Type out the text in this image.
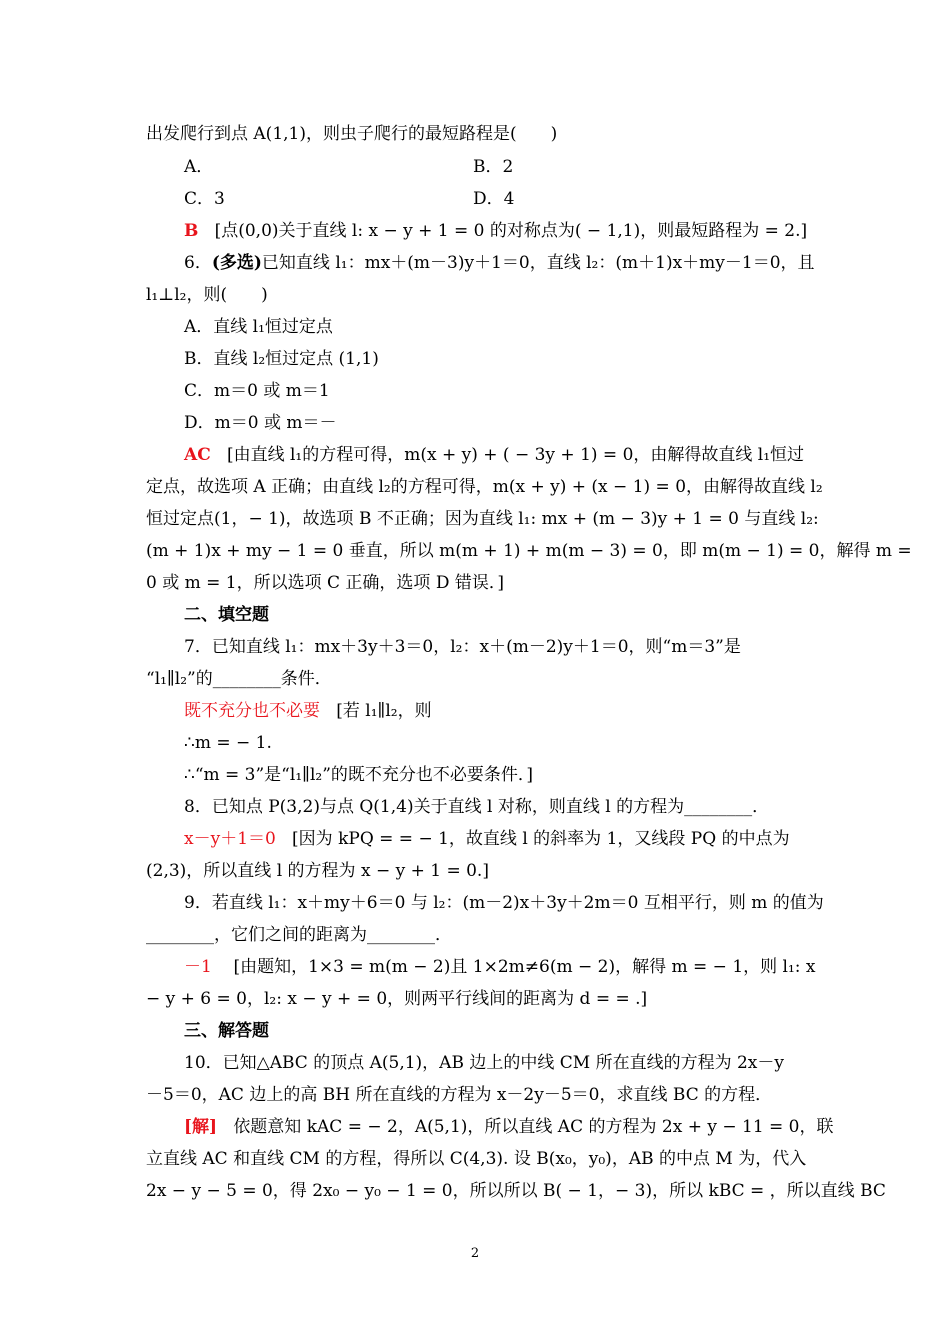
出发爬行到点 A(1,1)，则虫子爬行的最短路程是(　　)
A．	B．2
C．3	D．4
B [点(0,0)关于直线 l: x − y + 1 = 0 的对称点为( − 1,1)，则最短路程为 = 2.]
6．(多选)已知直线 l₁：mx＋(m－3)y＋1＝0，直线 l₂：(m＋1)x＋my－1＝0，且
l₁⊥l₂，则(　　)
A．直线 l₁恒过定点
B．直线 l₂恒过定点 (1,1)
C．m＝0 或 m＝1
D．m＝0 或 m＝－
AC [由直线 l₁的方程可得，m(x + y) + ( − 3y + 1) = 0，由解得故直线 l₁恒过
定点，故选项 A 正确；由直线 l₂的方程可得，m(x + y) + (x − 1) = 0，由解得故直线 l₂
恒过定点(1，− 1)，故选项 B 不正确；因为直线 l₁: mx + (m − 3)y + 1 = 0 与直线 l₂:
(m + 1)x + my − 1 = 0 垂直，所以 m(m + 1) + m(m − 3) = 0，即 m(m − 1) = 0，解得 m =
0 或 m = 1，所以选项 C 正确，选项 D 错误．]
二、填空题
7．已知直线 l₁：mx＋3y＋3＝0，l₂：x＋(m－2)y＋1＝0，则“m＝3”是
“l₁∥l₂”的________条件．
既不充分也不必要 [若 l₁∥l₂，则
∴m = − 1.
∴“m = 3”是“l₁∥l₂”的既不充分也不必要条件．]
8．已知点 P(3,2)与点 Q(1,4)关于直线 l 对称，则直线 l 的方程为________．
x－y＋1＝0 [因为 kPQ = = − 1，故直线 l 的斜率为 1，又线段 PQ 的中点为
(2,3)，所以直线 l 的方程为 x − y + 1 = 0.]
9．若直线 l₁：x＋my＋6＝0 与 l₂：(m－2)x＋3y＋2m＝0 互相平行，则 m 的值为
________，它们之间的距离为________．
－1 [由题知，1×3 = m(m − 2)且 1×2m≠6(m − 2)，解得 m = − 1，则 l₁: x
− y + 6 = 0，l₂: x − y + = 0，则两平行线间的距离为 d = = .]
三、解答题
10．已知△ABC 的顶点 A(5,1)，AB 边上的中线 CM 所在直线的方程为 2x－y
－5＝0，AC 边上的高 BH 所在直线的方程为 x－2y－5＝0，求直线 BC 的方程．
[解] 依题意知 kAC = − 2，A(5,1)，所以直线 AC 的方程为 2x + y − 11 = 0，联
立直线 AC 和直线 CM 的方程，得所以 C(4,3). 设 B(x₀，y₀)，AB 的中点 M 为，代入
2x − y − 5 = 0，得 2x₀ − y₀ − 1 = 0，所以所以 B( − 1，− 3)，所以 kBC = ，所以直线 BC
2
